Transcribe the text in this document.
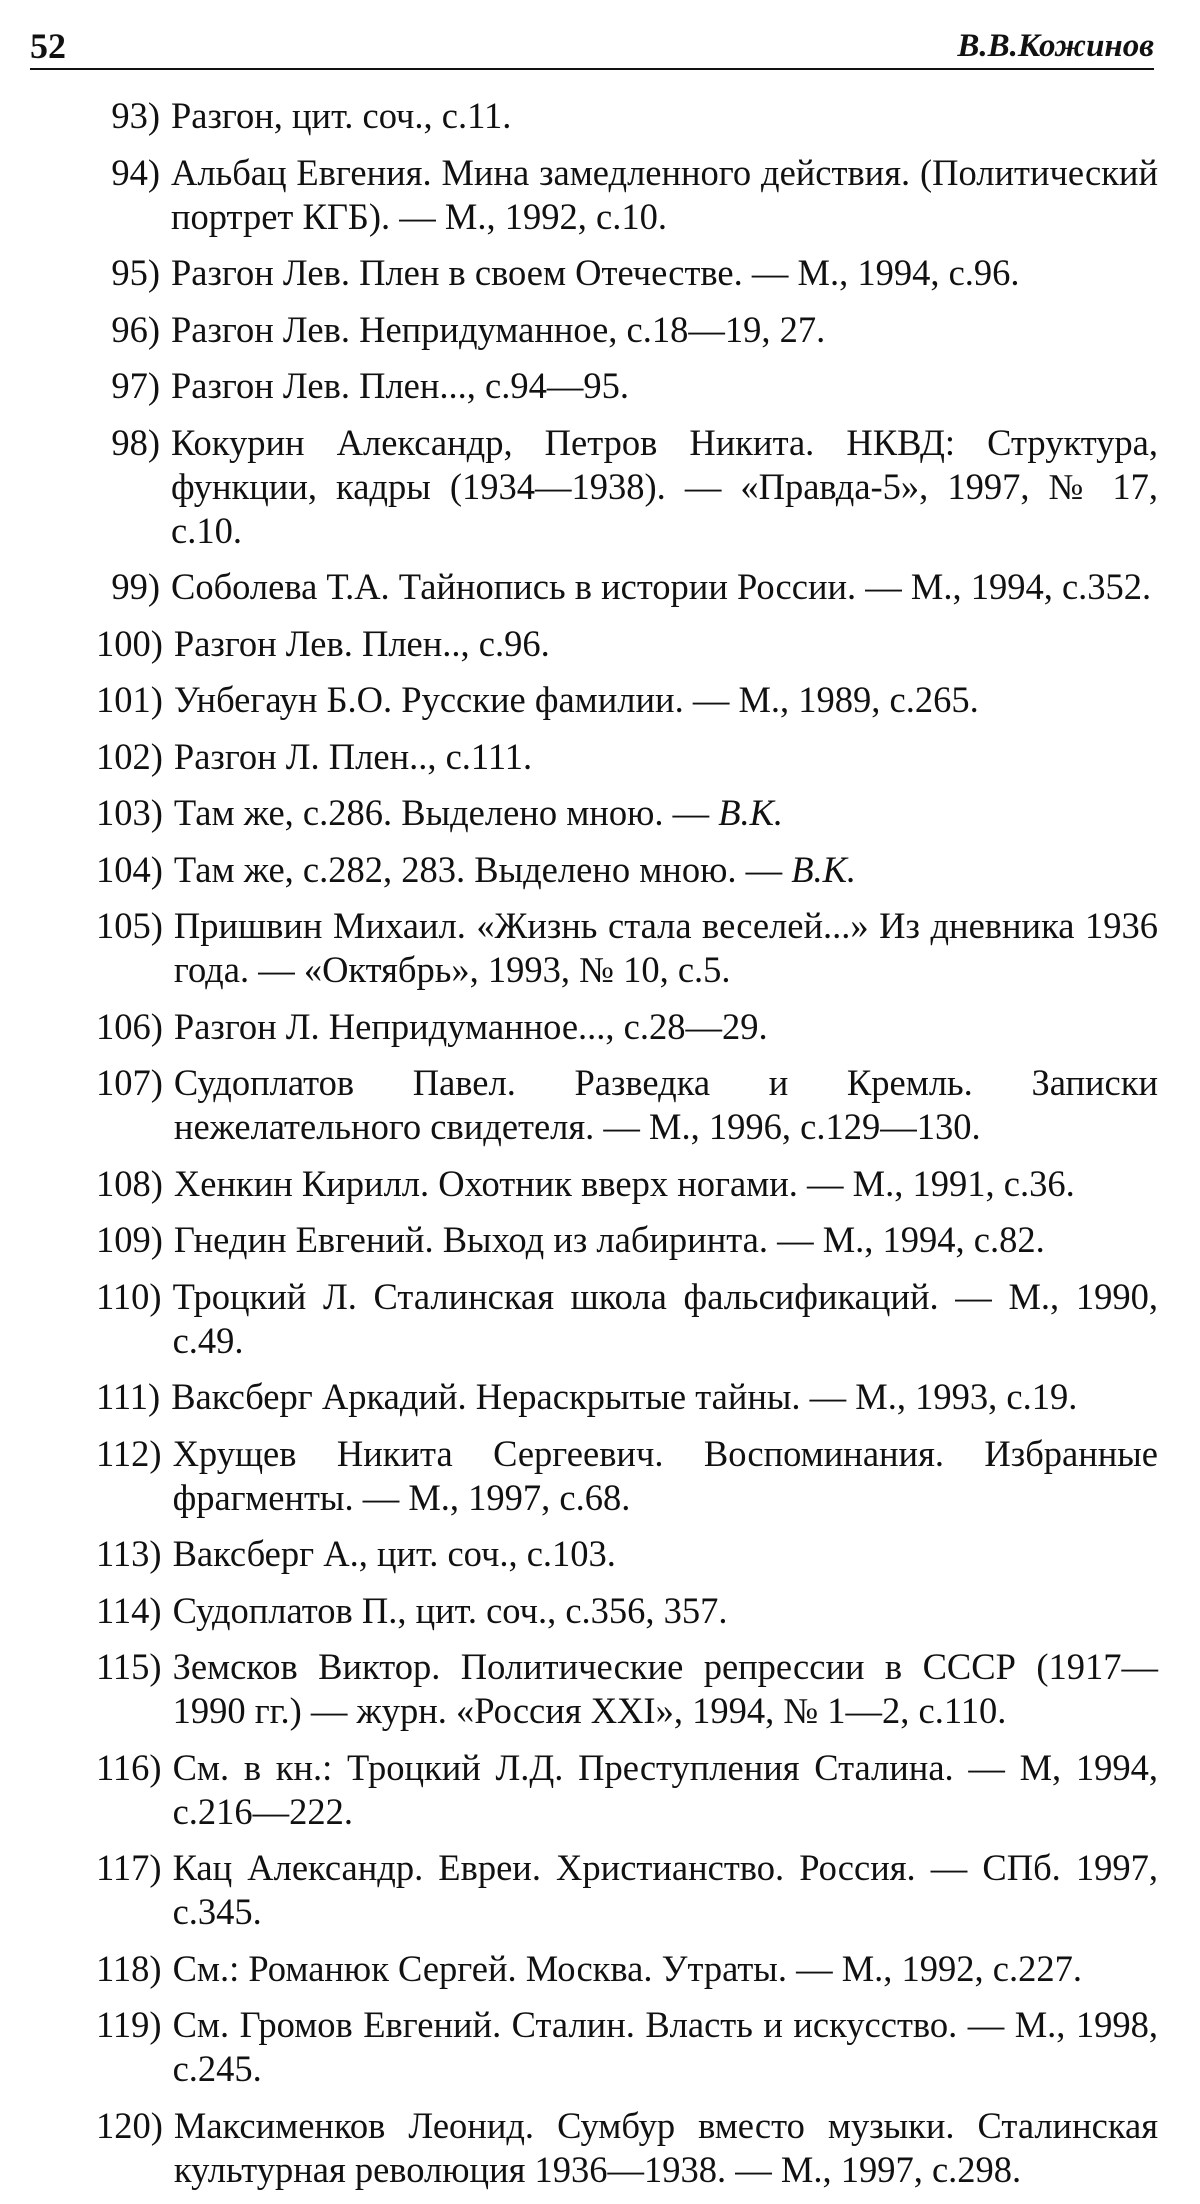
52	В.В.Кожинов
93) Разгон, цит. соч., с.11.
94) Альбац Евгения. Мина замедленного действия. (Политический портрет КГБ). — М., 1992, с.10.
95) Разгон Лев. Плен в своем Отечестве. — М., 1994, с.96.
96) Разгон Лев. Непридуманное, с.18—19, 27.
97) Разгон Лев. Плен..., с.94—95.
98) Кокурин Александр, Петров Никита. НКВД: Структура, функции, кадры (1934—1938). — «Правда-5», 1997, № 17, с.10.
99) Соболева Т.А. Тайнопись в истории России. — М., 1994, с.352.
100) Разгон Лев. Плен.., с.96.
101) Унбегаун Б.О. Русские фамилии. — М., 1989, с.265.
102) Разгон Л. Плен.., с.111.
103) Там же, с.286. Выделено мною. — В.К.
104) Там же, с.282, 283. Выделено мною. — В.К.
105) Пришвин Михаил. «Жизнь стала веселей...» Из дневника 1936 года. — «Октябрь», 1993, № 10, с.5.
106) Разгон Л. Непридуманное..., с.28—29.
107) Судоплатов Павел. Разведка и Кремль. Записки нежелательного свидетеля. — М., 1996, с.129—130.
108) Хенкин Кирилл. Охотник вверх ногами. — М., 1991, с.36.
109) Гнедин Евгений. Выход из лабиринта. — М., 1994, с.82.
110) Троцкий Л. Сталинская школа фальсификаций. — М., 1990, с.49.
111) Ваксберг Аркадий. Нераскрытые тайны. — М., 1993, с.19.
112) Хрущев Никита Сергеевич. Воспоминания. Избранные фрагменты. — М., 1997, с.68.
113) Ваксберг А., цит. соч., с.103.
114) Судоплатов П., цит. соч., с.356, 357.
115) Земсков Виктор. Политические репрессии в СССР (1917—1990 гг.) — журн. «Россия XXI», 1994, № 1—2, с.110.
116) См. в кн.: Троцкий Л.Д. Преступления Сталина. — М, 1994, с.216—222.
117) Кац Александр. Евреи. Христианство. Россия. — СПб. 1997, с.345.
118) См.: Романюк Сергей. Москва. Утраты. — М., 1992, с.227.
119) См. Громов Евгений. Сталин. Власть и искусство. — М., 1998, с.245.
120) Максименков Леонид. Сумбур вместо музыки. Сталинская культурная революция 1936—1938. — М., 1997, с.298.
